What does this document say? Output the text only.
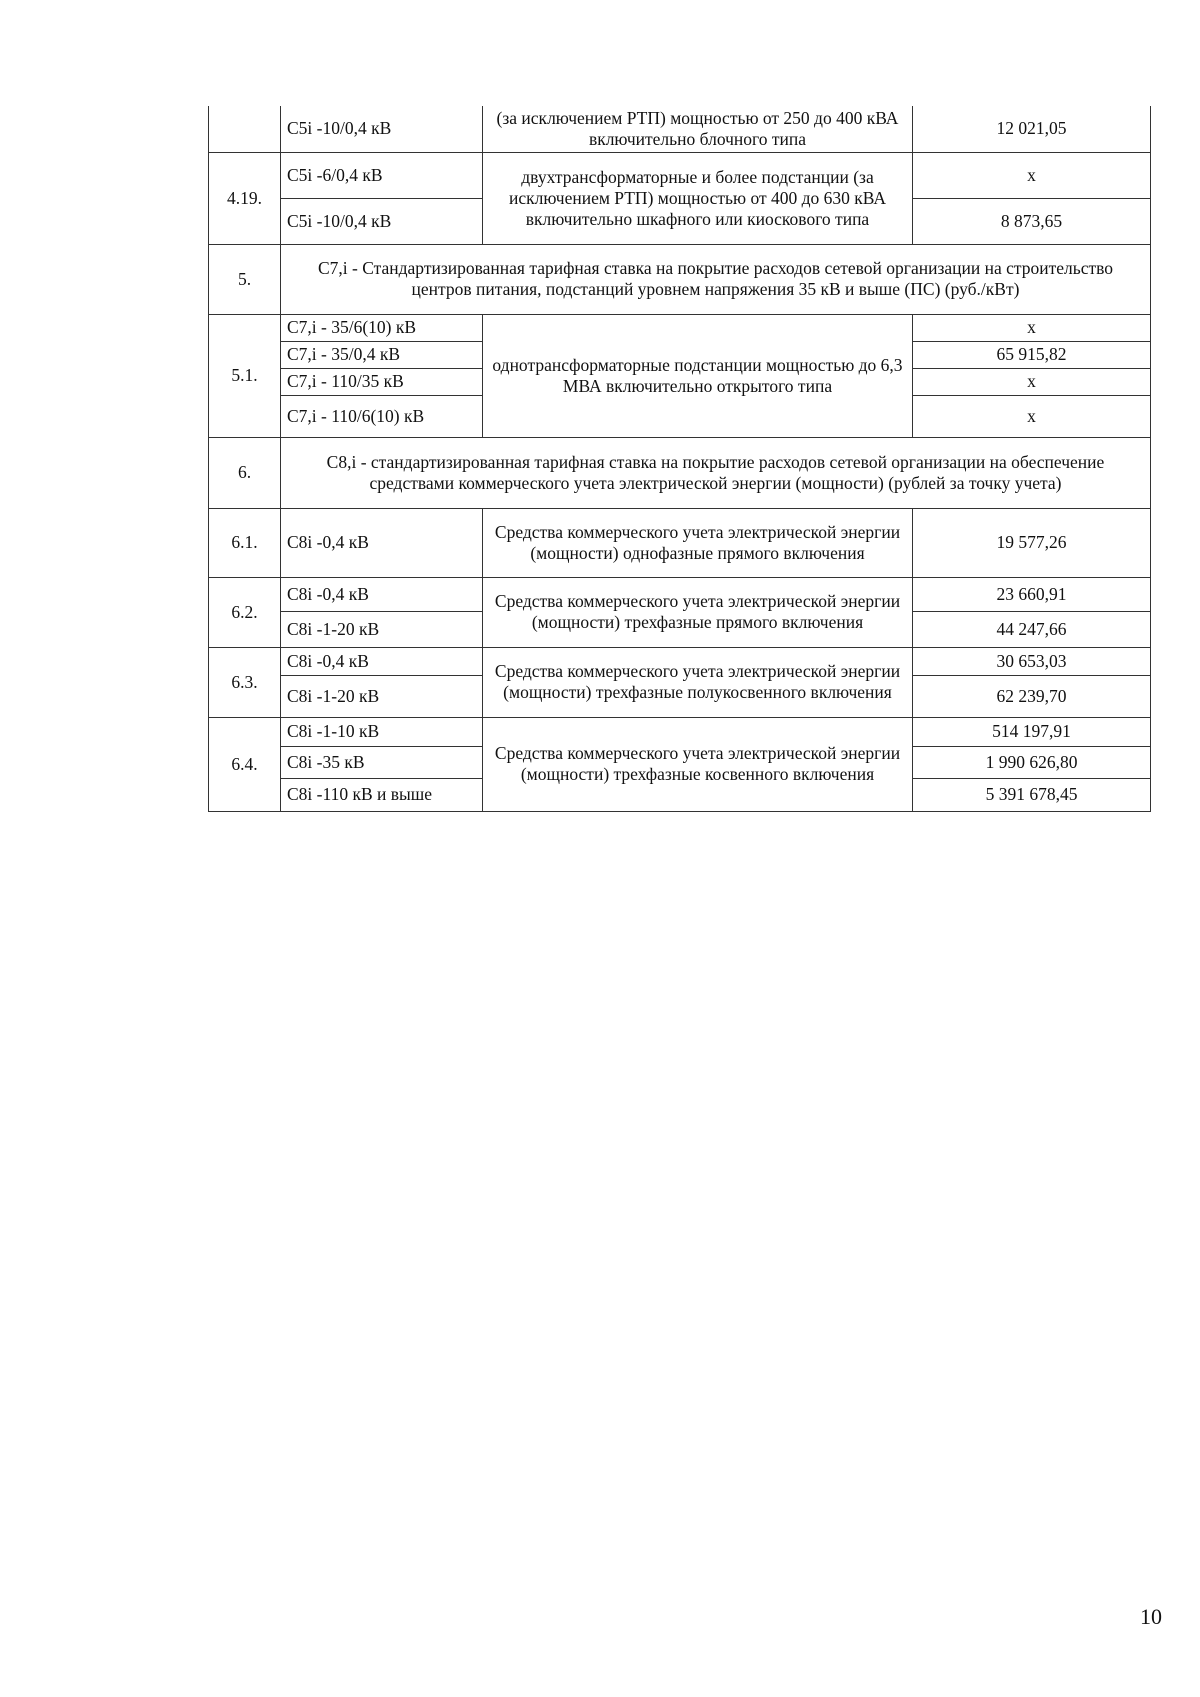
	C5i -10/0,4 кВ	(за исключением РТП) мощностью от 250 до 400 кВА включительно блочного типа	12 021,05
4.19.	C5i -6/0,4 кВ	двухтрансформаторные и более подстанции (за исключением РТП) мощностью от 400 до 630 кВА включительно шкафного или киоскового типа	х
	C5i -10/0,4 кВ		8 873,65
5.	С7,i - Стандартизированная тарифная ставка на покрытие расходов сетевой организации на строительство центров питания, подстанций уровнем напряжения 35 кВ и выше (ПС) (руб./кВт)		
5.1.	С7,i - 35/6(10) кВ	однотрансформаторные подстанции мощностью до 6,3 МВА включительно открытого типа	х
	С7,i - 35/0,4 кВ		65 915,82
	С7,i - 110/35 кВ		х
	С7,i - 110/6(10) кВ		х
6.	С8,i - стандартизированная тарифная ставка на покрытие расходов сетевой организации на обеспечение средствами коммерческого учета электрической энергии (мощности) (рублей за точку учета)		
6.1.	С8i -0,4 кВ	Средства коммерческого учета электрической энергии (мощности) однофазные прямого включения	19 577,26
6.2.	С8i -0,4 кВ	Средства коммерческого учета электрической энергии (мощности) трехфазные прямого включения	23 660,91
	С8i -1-20 кВ		44 247,66
6.3.	С8i -0,4 кВ	Средства коммерческого учета электрической энергии (мощности) трехфазные полукосвенного включения	30 653,03
	С8i -1-20 кВ		62 239,70
6.4.	С8i -1-10 кВ	Средства коммерческого учета электрической энергии (мощности) трехфазные косвенного включения	514 197,91
	С8i -35 кВ		1 990 626,80
	С8i -110 кВ и выше		5 391 678,45
10
